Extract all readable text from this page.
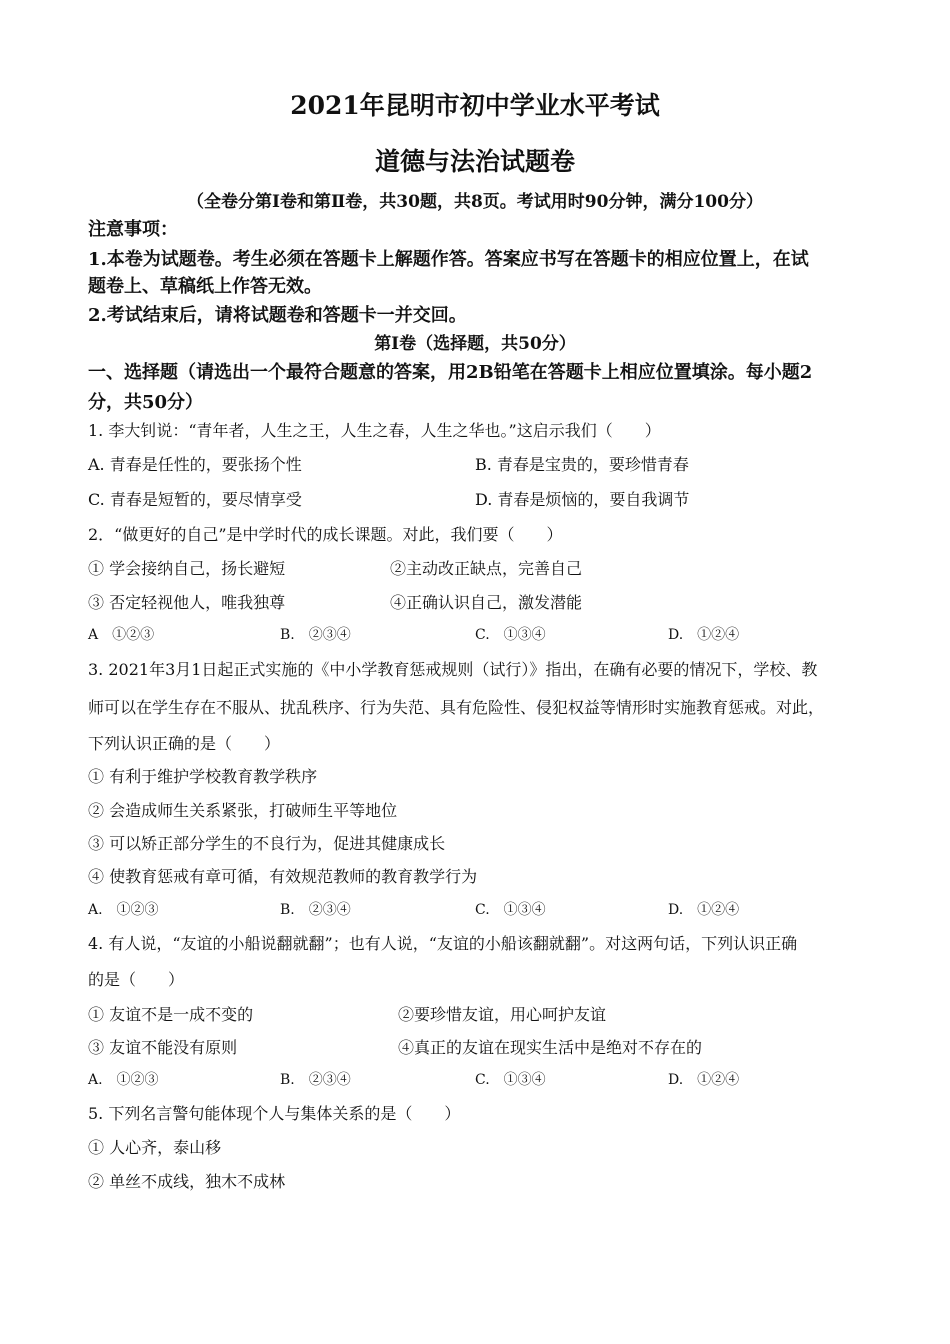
2021年昆明市初中学业水平考试
道德与法治试题卷
（全卷分第Ⅰ卷和第Ⅱ卷，共30题，共8页。考试用时90分钟，满分100分）
注意事项：
1.本卷为试题卷。考生必须在答题卡上解题作答。答案应书写在答题卡的相应位置上，在试
题卷上、草稿纸上作答无效。
2.考试结束后，请将试题卷和答题卡一并交回。
第Ⅰ卷（选择题，共50分）
一、选择题（请选出一个最符合题意的答案，用2B铅笔在答题卡上相应位置填涂。每小题2
分，共50分）
1. 李大钊说：“青年者，人生之王，人生之春，人生之华也。”这启示我们（　　）
A. 青春是任性的，要张扬个性	B. 青春是宝贵的，要珍惜青春
C. 青春是短暂的，要尽情享受	D. 青春是烦恼的，要自我调节
2．“做更好的自己”是中学时代的成长课题。对此，我们要（　　）
① 学会接纳自己，扬长避短	②主动改正缺点，完善自己
③ 否定轻视他人，唯我独尊	④正确认识自己，激发潜能
A　①②③	B.　②③④	C.　①③④	D.　①②④
3. 2021年3月1日起正式实施的《中小学教育惩戒规则（试行）》指出，在确有必要的情况下，学校、教
师可以在学生存在不服从、扰乱秩序、行为失范、具有危险性、侵犯权益等情形时实施教育惩戒。对此，
下列认识正确的是（　　）
① 有利于维护学校教育教学秩序
② 会造成师生关系紧张，打破师生平等地位
③ 可以矫正部分学生的不良行为，促进其健康成长
④ 使教育惩戒有章可循，有效规范教师的教育教学行为
A.　①②③	B.　②③④	C.　①③④	D.　①②④
4. 有人说，“友谊的小船说翻就翻”；也有人说，“友谊的小船该翻就翻”。对这两句话，下列认识正确
的是（　　）
① 友谊不是一成不变的	②要珍惜友谊，用心呵护友谊
③ 友谊不能没有原则	④真正的友谊在现实生活中是绝对不存在的
A.　①②③	B.　②③④	C.　①③④	D.　①②④
5. 下列名言警句能体现个人与集体关系的是（　　）
① 人心齐，泰山移
② 单丝不成线，独木不成林
